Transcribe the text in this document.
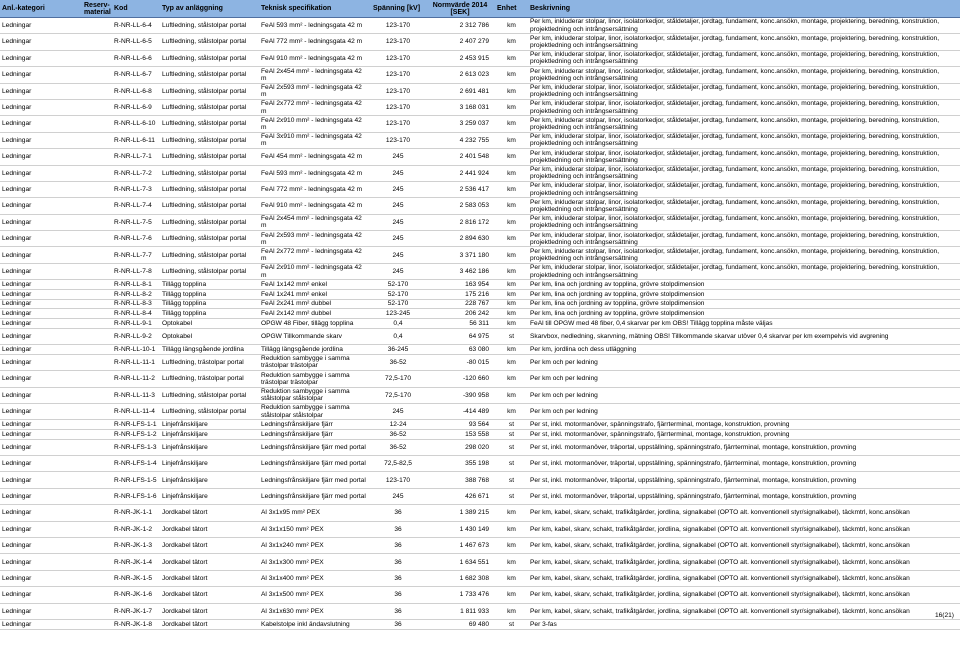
Anl.-kategori	Reserv-material	Kod	Typ av anläggning	Teknisk specifikation	Spänning [kV]	Normvärde 2014 [SEK]	Enhet	Beskrivning
Ledningar		R-NR-LL-6-4	Luftledning, stålstolpar portal	FeAl 593 mm² - ledningsgata 42 m	123-170	2 312 786	km	Per km, inkluderar stolpar, linor, isolatorkedjor, ståldetaljer, jordtag, fundament, konc.ansökn, montage, projektering, beredning, konstruktion, projektledning och intrångsersättning
Ledningar		R-NR-LL-6-5	Luftledning, stålstolpar portal	FeAl 772 mm² - ledningsgata 42 m	123-170	2 407 279	km	Per km, inkluderar stolpar, linor, isolatorkedjor, ståldetaljer, jordtag, fundament, konc.ansökn, montage, projektering, beredning, konstruktion, projektledning och intrångsersättning
Ledningar		R-NR-LL-6-6	Luftledning, stålstolpar portal	FeAl 910 mm² - ledningsgata 42 m	123-170	2 453 915	km	Per km, inkluderar stolpar, linor, isolatorkedjor, ståldetaljer, jordtag, fundament, konc.ansökn, montage, projektering, beredning, konstruktion, projektledning och intrångsersättning
Ledningar		R-NR-LL-6-7	Luftledning, stålstolpar portal	FeAl 2x454 mm² - ledningsgata 42 m	123-170	2 613 023	km	Per km, inkluderar stolpar, linor, isolatorkedjor, ståldetaljer, jordtag, fundament, konc.ansökn, montage, projektering, beredning, konstruktion, projektledning och intrångsersättning
Ledningar		R-NR-LL-6-8	Luftledning, stålstolpar portal	FeAl 2x593 mm² - ledningsgata 42 m	123-170	2 691 481	km	Per km, inkluderar stolpar, linor, isolatorkedjor, ståldetaljer, jordtag, fundament, konc.ansökn, montage, projektering, beredning, konstruktion, projektledning och intrångsersättning
Ledningar		R-NR-LL-6-9	Luftledning, stålstolpar portal	FeAl 2x772 mm² - ledningsgata 42 m	123-170	3 168 031	km	Per km, inkluderar stolpar, linor, isolatorkedjor, ståldetaljer, jordtag, fundament, konc.ansökn, montage, projektering, beredning, konstruktion, projektledning och intrångsersättning
Ledningar		R-NR-LL-6-10	Luftledning, stålstolpar portal	FeAl 2x910 mm² - ledningsgata 42 m	123-170	3 259 037	km	Per km, inkluderar stolpar, linor, isolatorkedjor, ståldetaljer, jordtag, fundament, konc.ansökn, montage, projektering, beredning, konstruktion, projektledning och intrångsersättning
Ledningar		R-NR-LL-6-11	Luftledning, stålstolpar portal	FeAl 3x910 mm² - ledningsgata 42 m	123-170	4 232 755	km	Per km, inkluderar stolpar, linor, isolatorkedjor, ståldetaljer, jordtag, fundament, konc.ansökn, montage, projektering, beredning, konstruktion, projektledning och intrångsersättning
Ledningar		R-NR-LL-7-1	Luftledning, stålstolpar portal	FeAl 454 mm² - ledningsgata 42 m	245	2 401 548	km	Per km, inkluderar stolpar, linor, isolatorkedjor, ståldetaljer, jordtag, fundament, konc.ansökn, montage, projektering, beredning, konstruktion, projektledning och intrångsersättning
Ledningar		R-NR-LL-7-2	Luftledning, stålstolpar portal	FeAl 593 mm² - ledningsgata 42 m	245	2 441 924	km	Per km, inkluderar stolpar, linor, isolatorkedjor, ståldetaljer, jordtag, fundament, konc.ansökn, montage, projektering, beredning, konstruktion, projektledning och intrångsersättning
Ledningar		R-NR-LL-7-3	Luftledning, stålstolpar portal	FeAl 772 mm² - ledningsgata 42 m	245	2 536 417	km	Per km, inkluderar stolpar, linor, isolatorkedjor, ståldetaljer, jordtag, fundament, konc.ansökn, montage, projektering, beredning, konstruktion, projektledning och intrångsersättning
Ledningar		R-NR-LL-7-4	Luftledning, stålstolpar portal	FeAl 910 mm² - ledningsgata 42 m	245	2 583 053	km	Per km, inkluderar stolpar, linor, isolatorkedjor, ståldetaljer, jordtag, fundament, konc.ansökn, montage, projektering, beredning, konstruktion, projektledning och intrångsersättning
Ledningar		R-NR-LL-7-5	Luftledning, stålstolpar portal	FeAl 2x454 mm² - ledningsgata 42 m	245	2 816 172	km	Per km, inkluderar stolpar, linor, isolatorkedjor, ståldetaljer, jordtag, fundament, konc.ansökn, montage, projektering, beredning, konstruktion, projektledning och intrångsersättning
Ledningar		R-NR-LL-7-6	Luftledning, stålstolpar portal	FeAl 2x593 mm² - ledningsgata 42 m	245	2 894 630	km	Per km, inkluderar stolpar, linor, isolatorkedjor, ståldetaljer, jordtag, fundament, konc.ansökn, montage, projektering, beredning, konstruktion, projektledning och intrångsersättning
Ledningar		R-NR-LL-7-7	Luftledning, stålstolpar portal	FeAl 2x772 mm² - ledningsgata 42 m	245	3 371 180	km	Per km, inkluderar stolpar, linor, isolatorkedjor, ståldetaljer, jordtag, fundament, konc.ansökn, montage, projektering, beredning, konstruktion, projektledning och intrångsersättning
Ledningar		R-NR-LL-7-8	Luftledning, stålstolpar portal	FeAl 2x910 mm² - ledningsgata 42 m	245	3 462 186	km	Per km, inkluderar stolpar, linor, isolatorkedjor, ståldetaljer, jordtag, fundament, konc.ansökn, montage, projektering, beredning, konstruktion, projektledning och intrångsersättning
Ledningar		R-NR-LL-8-1	Tillägg topplina	FeAl 1x142 mm² enkel	52-170	163 954	km	Per km, lina och jordning av topplina, grövre stolpdimension
Ledningar		R-NR-LL-8-2	Tillägg topplina	FeAl 1x241 mm² enkel	52-170	175 216	km	Per km, lina och jordning av topplina, grövre stolpdimension
Ledningar		R-NR-LL-8-3	Tillägg topplina	FeAl 2x241 mm² dubbel	52-170	228 767	km	Per km, lina och jordning av topplina, grövre stolpdimension
Ledningar		R-NR-LL-8-4	Tillägg topplina	FeAl 2x142 mm² dubbel	123-245	206 242	km	Per km, lina och jordning av topplina, grövre stolpdimension
Ledningar		R-NR-LL-9-1	Optokabel	OPGW 48 Fiber, tillägg topplina	0,4	56 311	km	FeAl till OPGW med 48 fiber, 0,4 skarvar per km OBS! Tillägg topplina måste väljas
Ledningar		R-NR-LL-9-2	Optokabel	OPGW Tillkommande skarv	0,4	64 975	st	Skarvbox, nedledning, skarvning, mätning OBS! Tillkommande skarvar utöver 0,4 skarvar per km exempelvis vid avgrening
Ledningar		R-NR-LL-10-1	Tillägg längsgående jordlina	Tillägg längsgående jordlina	36-245	63 080	km	Per km, jordlina och dess utläggning
Ledningar		R-NR-LL-11-1	Luftledning, trästolpar portal	Reduktion sambygge i samma trästolpar trästolpar	36-52	-80 015	km	Per km och per ledning
Ledningar		R-NR-LL-11-2	Luftledning, trästolpar portal	Reduktion sambygge i samma trästolpar trästolpar	72,5-170	-120 660	km	Per km och per ledning
Ledningar		R-NR-LL-11-3	Luftledning, stålstolpar portal	Reduktion sambygge i samma stålstolpar stålstolpar	72,5-170	-390 958	km	Per km och per ledning
Ledningar		R-NR-LL-11-4	Luftledning, stålstolpar portal	Reduktion sambygge i samma stålstolpar stålstolpar	245	-414 489	km	Per km och per ledning
Ledningar		R-NR-LFS-1-1	Linjefrånskiljare	Ledningsfrånskiljare fjärr	12-24	93 564	st	Per st, inkl. motormanöver, spänningstrafo, fjärrterminal, montage, konstruktion, provning
Ledningar		R-NR-LFS-1-2	Linjefrånskiljare	Ledningsfrånskiljare fjärr	36-52	153 558	st	Per st, inkl. motormanöver, spänningstrafo, fjärrterminal, montage, konstruktion, provning
Ledningar		R-NR-LFS-1-3	Linjefrånskiljare	Ledningsfrånskiljare fjärr med portal	36-52	298 020	st	Per st, inkl. motormanöver, träportal, uppställning, spänningstrafo, fjärrterminal, montage, konstruktion, provning
Ledningar		R-NR-LFS-1-4	Linjefrånskiljare	Ledningsfrånskiljare fjärr med portal	72,5-82,5	355 198	st	Per st, inkl. motormanöver, träportal, uppställning, spänningstrafo, fjärrterminal, montage, konstruktion, provning
Ledningar		R-NR-LFS-1-5	Linjefrånskiljare	Ledningsfrånskiljare fjärr med portal	123-170	388 768	st	Per st, inkl. motormanöver, träportal, uppställning, spänningstrafo, fjärrterminal, montage, konstruktion, provning
Ledningar		R-NR-LFS-1-6	Linjefrånskiljare	Ledningsfrånskiljare fjärr med portal	245	426 671	st	Per st, inkl. motormanöver, träportal, uppställning, spänningstrafo, fjärrterminal, montage, konstruktion, provning
Ledningar		R-NR-JK-1-1	Jordkabel tätort	Al 3x1x95 mm² PEX	36	1 389 215	km	Per km, kabel, skarv, schakt, trafikåtgärder, jordlina, signalkabel (OPTO alt. konventionell styr/signalkabel), täckmtrl, konc.ansökan
Ledningar		R-NR-JK-1-2	Jordkabel tätort	Al 3x1x150 mm² PEX	36	1 430 149	km	Per km, kabel, skarv, schakt, trafikåtgärder, jordlina, signalkabel (OPTO alt. konventionell styr/signalkabel), täckmtrl, konc.ansökan
Ledningar		R-NR-JK-1-3	Jordkabel tätort	Al 3x1x240 mm² PEX	36	1 467 673	km	Per km, kabel, skarv, schakt, trafikåtgärder, jordlina, signalkabel (OPTO alt. konventionell styr/signalkabel), täckmtrl, konc.ansökan
Ledningar		R-NR-JK-1-4	Jordkabel tätort	Al 3x1x300 mm² PEX	36	1 634 551	km	Per km, kabel, skarv, schakt, trafikåtgärder, jordlina, signalkabel (OPTO alt. konventionell styr/signalkabel), täckmtrl, konc.ansökan
Ledningar		R-NR-JK-1-5	Jordkabel tätort	Al 3x1x400 mm² PEX	36	1 682 308	km	Per km, kabel, skarv, schakt, trafikåtgärder, jordlina, signalkabel (OPTO alt. konventionell styr/signalkabel), täckmtrl, konc.ansökan
Ledningar		R-NR-JK-1-6	Jordkabel tätort	Al 3x1x500 mm² PEX	36	1 733 476	km	Per km, kabel, skarv, schakt, trafikåtgärder, jordlina, signalkabel (OPTO alt. konventionell styr/signalkabel), täckmtrl, konc.ansökan
Ledningar		R-NR-JK-1-7	Jordkabel tätort	Al 3x1x630 mm² PEX	36	1 811 933	km	Per km, kabel, skarv, schakt, trafikåtgärder, jordlina, signalkabel (OPTO alt. konventionell styr/signalkabel), täckmtrl, konc.ansökan
Ledningar		R-NR-JK-1-8	Jordkabel tätort	Kabelstolpe inkl ändavslutning	36	69 480	st	Per 3-fas
16(21)
